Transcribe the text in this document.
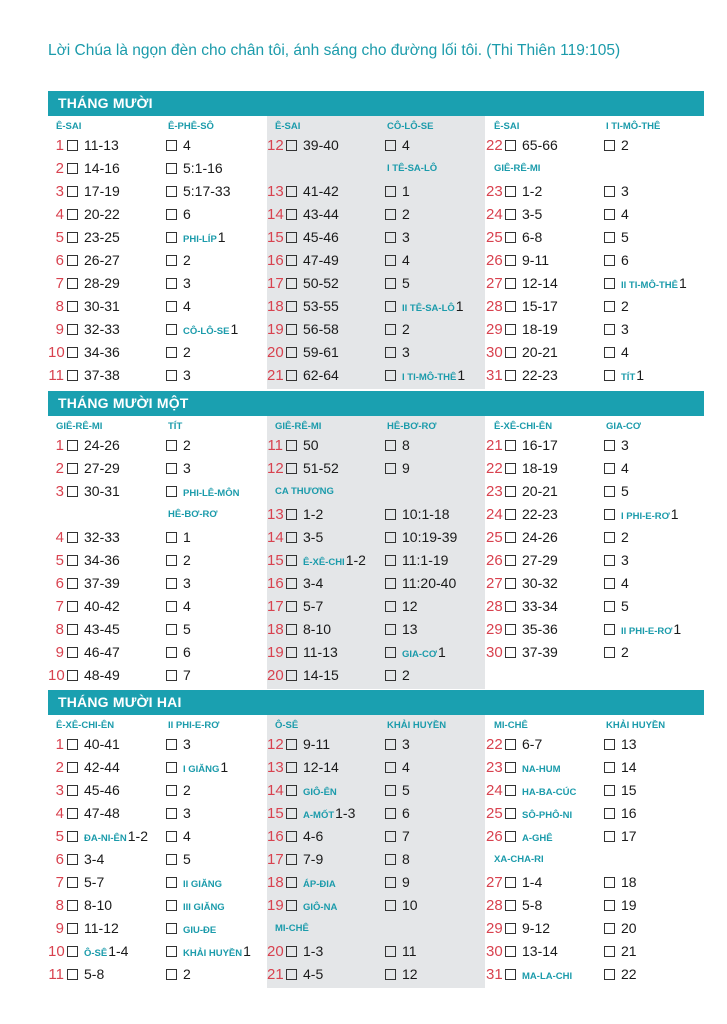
Lời Chúa là ngọn đèn cho chân tôi, ánh sáng cho đường lối tôi. (Thi Thiên 119:105)
THÁNG MƯỜI
Ê-SAI	Ê-PHÊ-SÔ
1 11-13	4
2 14-16	5:1-16
3 17-19	5:17-33
4 20-22	6
5 23-25	PHI-LÍP1
6 26-27	2
7 28-29	3
8 30-31	4
9 32-33	CÔ-LÔ-SE1
10 34-36	2
11 37-38	3
Ê-SAI	CÔ-LÔ-SE
12 39-40	4
I TÊ-SA-LÔ
13 41-42	1
14 43-44	2
15 45-46	3
16 47-49	4
17 50-52	5
18 53-55	II TÊ-SA-LÔ1
19 56-58	2
20 59-61	3
21 62-64	I TI-MÔ-THÊ1
Ê-SAI	I TI-MÔ-THÊ
22 65-66	2
GIÊ-RÊ-MI
23 1-2	3
24 3-5	4
25 6-8	5
26 9-11	6
27 12-14	II TI-MÔ-THÊ1
28 15-17	2
29 18-19	3
30 20-21	4
31 22-23	TÍT1
THÁNG MƯỜI MỘT
GIÊ-RÊ-MI	TÍT
1 24-26	2
2 27-29	3
3 30-31	PHI-LÊ-MÔN
HÊ-BƠ-RƠ
4 32-33	1
5 34-36	2
6 37-39	3
7 40-42	4
8 43-45	5
9 46-47	6
10 48-49	7
GIÊ-RÊ-MI	HÊ-BƠ-RƠ
11 50	8
12 51-52	9
CA THƯƠNG
13 1-2	10:1-18
14 3-5	10:19-39
15 Ê-XÊ-CHI1-2	11:1-19
16 3-4	11:20-40
17 5-7	12
18 8-10	13
19 11-13	GIA-CƠ1
20 14-15	2
Ê-XÊ-CHI-ÊN	GIA-CƠ
21 16-17	3
22 18-19	4
23 20-21	5
24 22-23	I PHI-E-RƠ1
25 24-26	2
26 27-29	3
27 30-32	4
28 33-34	5
29 35-36	II PHI-E-RƠ1
30 37-39	2
THÁNG MƯỜI HAI
Ê-XÊ-CHI-ÊN	II PHI-E-RƠ
1 40-41	3
2 42-44	I GIĂNG1
3 45-46	2
4 47-48	3
5 ĐA-NI-ÊN1-2	4
6 3-4	5
7 5-7	II GIĂNG
8 8-10	III GIĂNG
9 11-12	GIU-ĐE
10 Ô-SÊ1-4	KHẢI HUYỀN1
11 5-8	2
Ô-SÊ	KHẢI HUYỀN
12 9-11	3
13 12-14	4
14 GIÔ-ÊN	5
15 A-MỐT1-3	6
16 4-6	7
17 7-9	8
18 ÁP-ĐIA	9
19 GIÔ-NA	10
MI-CHÊ
20 1-3	11
21 4-5	12
MI-CHÊ	KHẢI HUYỀN
22 6-7	13
23 NA-HUM	14
24 HA-BA-CÚC	15
25 SÔ-PHÔ-NI	16
26 A-GHÊ	17
XA-CHA-RI
27 1-4	18
28 5-8	19
29 9-12	20
30 13-14	21
31 MA-LA-CHI	22
